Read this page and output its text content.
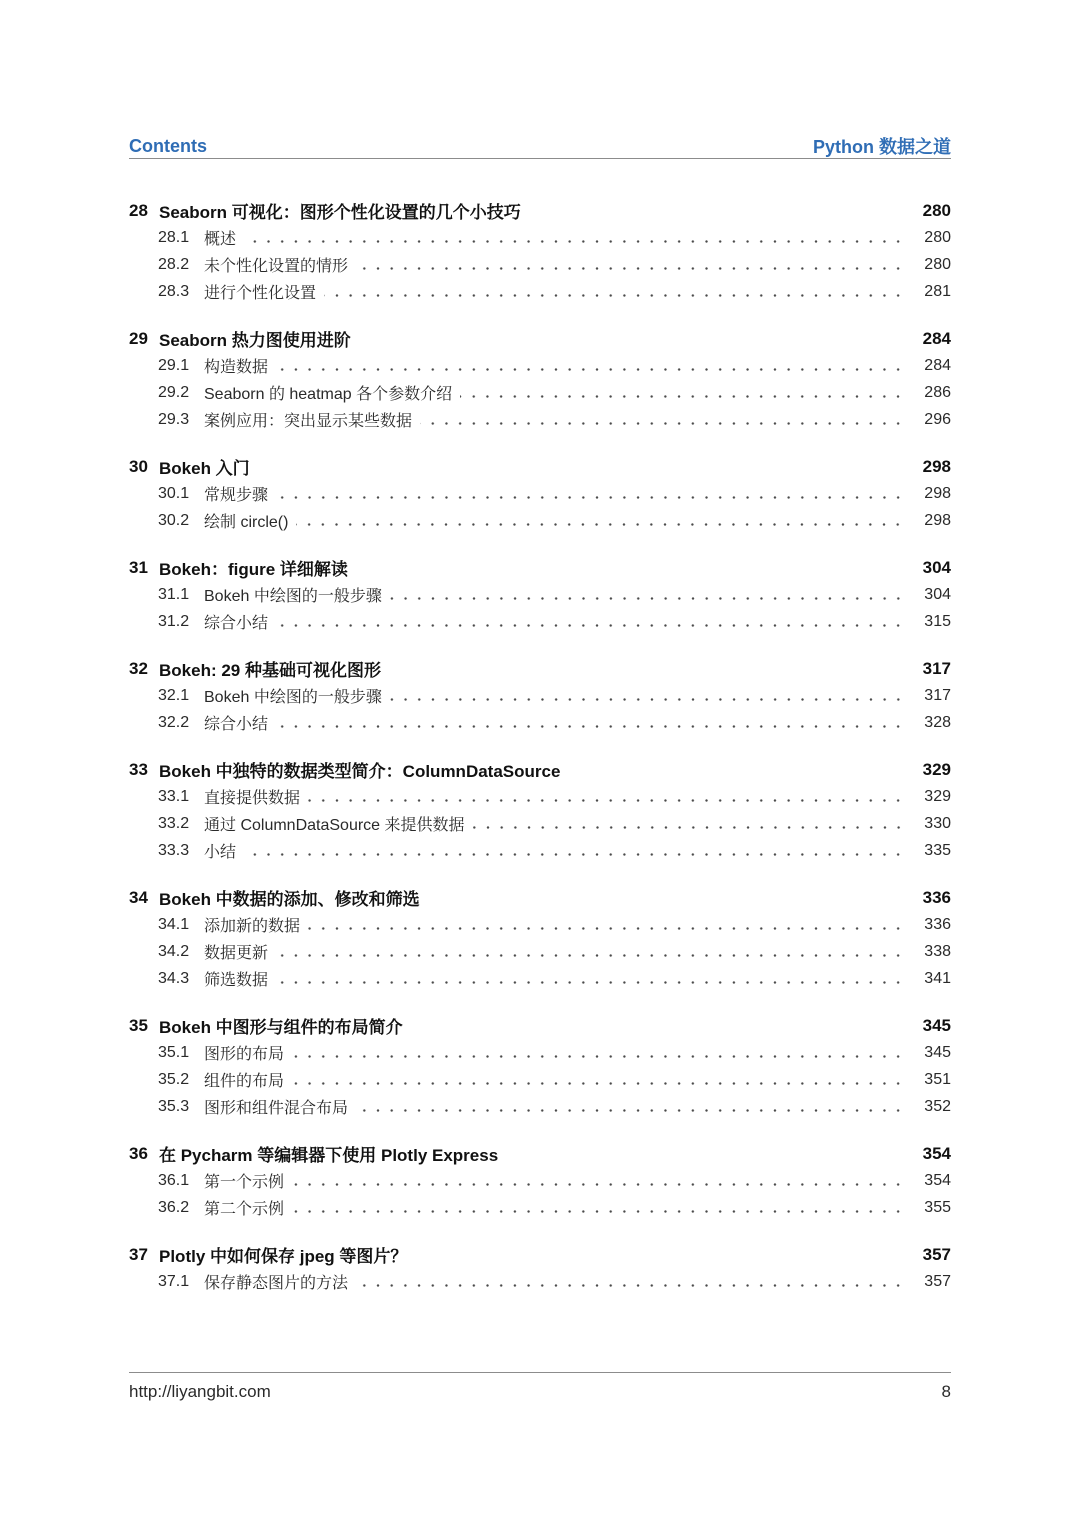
Contents	Python 数据之道
28 Seaborn 可视化：图形个性化设置的几个小技巧	280
28.1 概述	280
28.2 未个性化设置的情形	280
28.3 进行个性化设置	281
29 Seaborn 热力图使用进阶	284
29.1 构造数据	284
29.2 Seaborn 的 heatmap 各个参数介绍	286
29.3 案例应用：突出显示某些数据	296
30 Bokeh 入门	298
30.1 常规步骤	298
30.2 绘制 circle()	298
31 Bokeh：figure 详细解读	304
31.1 Bokeh 中绘图的一般步骤	304
31.2 综合小结	315
32 Bokeh: 29 种基础可视化图形	317
32.1 Bokeh 中绘图的一般步骤	317
32.2 综合小结	328
33 Bokeh 中独特的数据类型简介：ColumnDataSource	329
33.1 直接提供数据	329
33.2 通过 ColumnDataSource 来提供数据	330
33.3 小结	335
34 Bokeh 中数据的添加、修改和筛选	336
34.1 添加新的数据	336
34.2 数据更新	338
34.3 筛选数据	341
35 Bokeh 中图形与组件的布局简介	345
35.1 图形的布局	345
35.2 组件的布局	351
35.3 图形和组件混合布局	352
36 在 Pycharm 等编辑器下使用 Plotly Express	354
36.1 第一个示例	354
36.2 第二个示例	355
37 Plotly 中如何保存 jpeg 等图片？	357
37.1 保存静态图片的方法	357
http://liyangbit.com	8
